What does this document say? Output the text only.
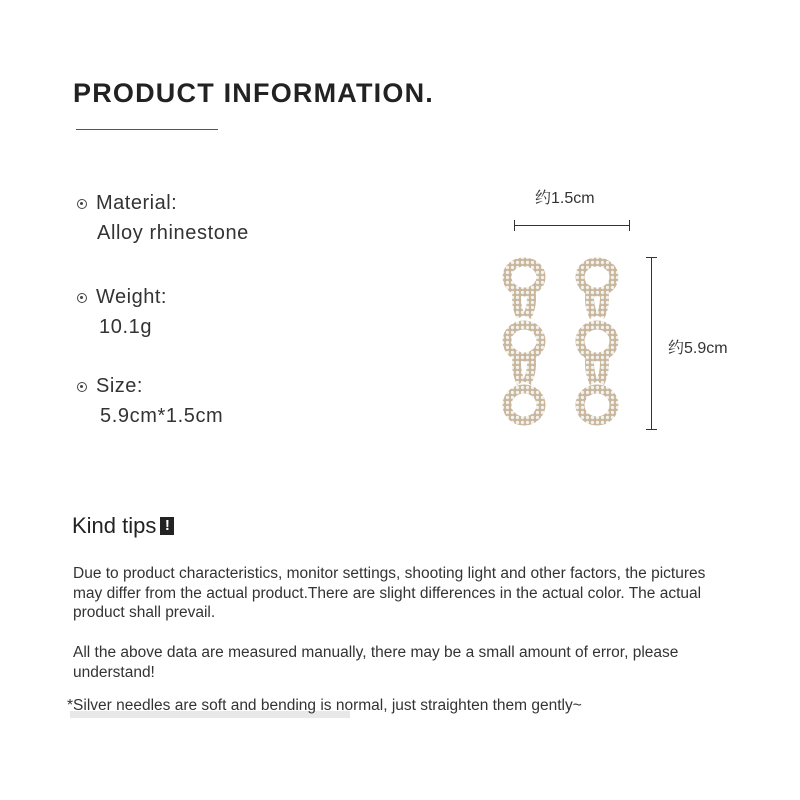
PRODUCT INFORMATION.
Material:
Alloy rhinestone
Weight:
10.1g
Size:
5.9cm*1.5cm
约1.5cm
约5.9cm
Kind tips !
Due to product characteristics, monitor settings, shooting light and other factors, the pictures may differ from the actual product.There are slight differences in the actual color. The actual product shall prevail.
All the above data are measured manually, there may be a small amount of error, please understand!
*Silver needles are soft and bending is normal, just straighten them gently~
